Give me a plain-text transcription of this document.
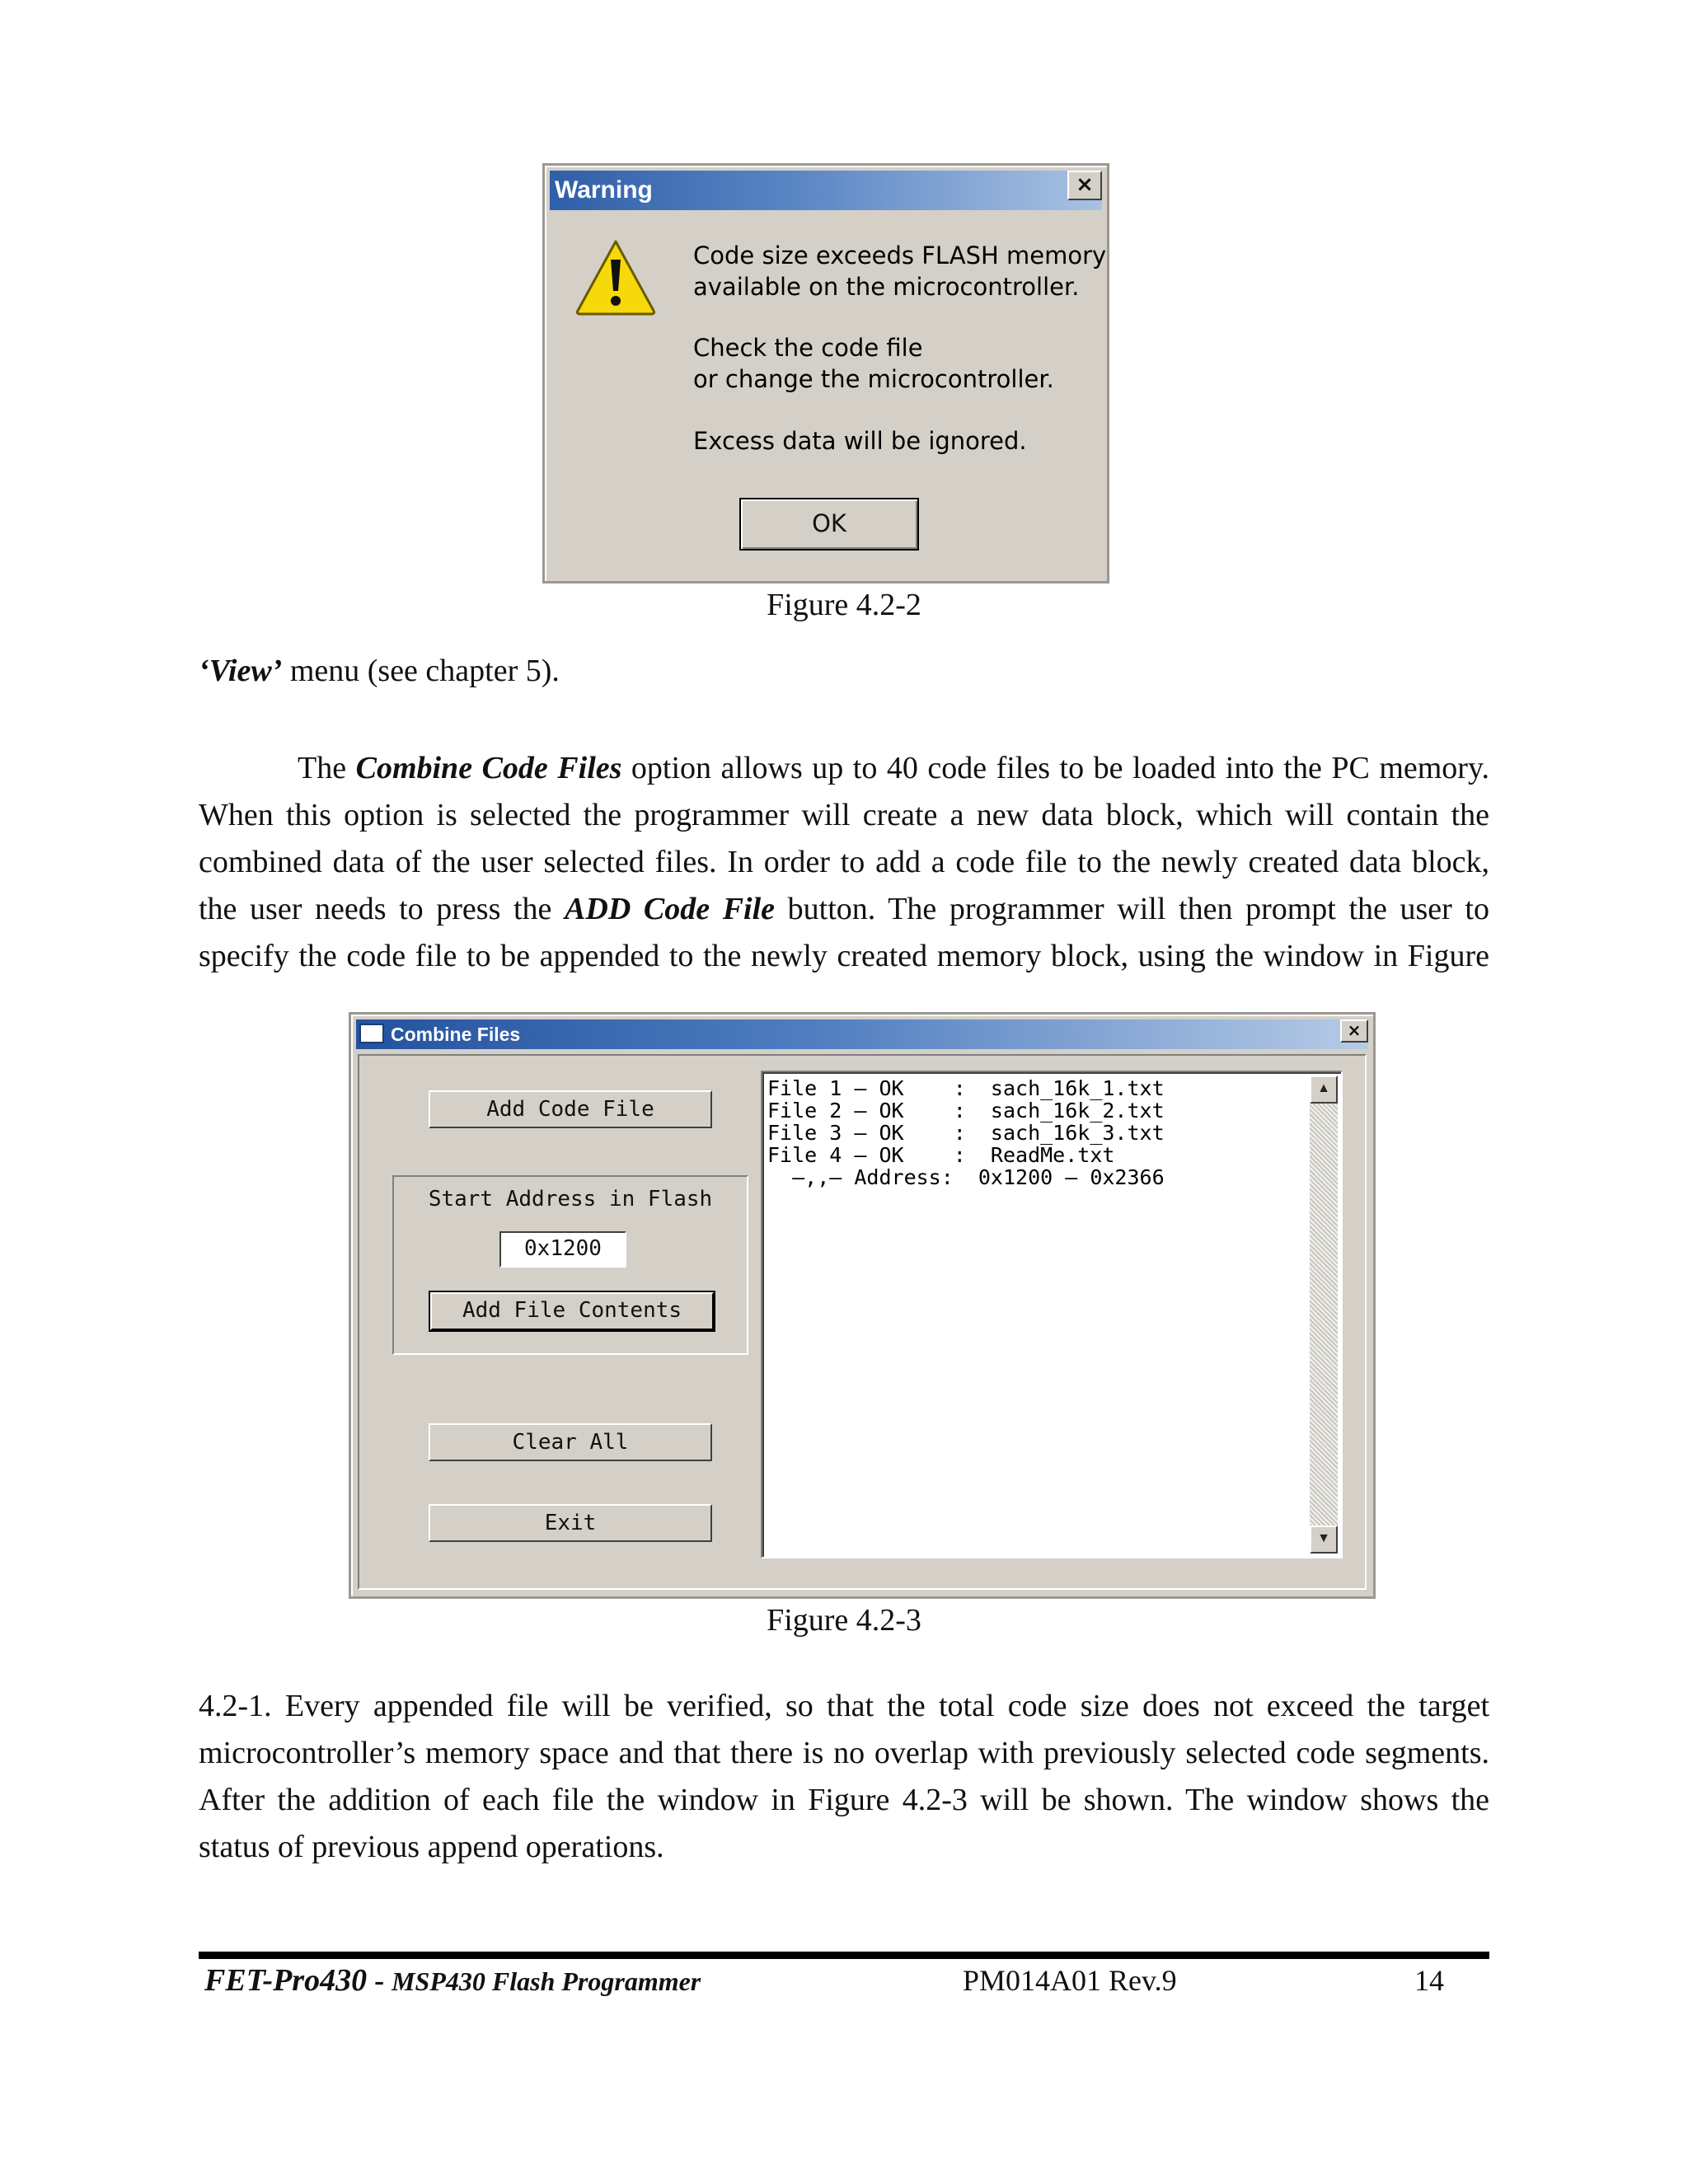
Warning	×
Code size exceeds FLASH memory
available on the microcontroller.
Check the code file
or change the microcontroller.
Excess data will be ignored.
OK
Figure 4.2-2
‘View’ menu (see chapter 5).
The Combine Code Files option allows up to 40 code files to be loaded into the PC memory.
When this option is selected the programmer will create a new data block, which will contain the
combined data of the user selected files. In order to add a code file to the newly created data block,
the user needs to press the ADD Code File button. The programmer will then prompt the user to
specify the code file to be appended to the newly created memory block, using the window in Figure
Combine Files	×
Add Code File
Start Address in Flash
0x1200
Add File Contents
Clear All
Exit
File 1 – OK    :  sach_16k_1.txt
File 2 – OK    :  sach_16k_2.txt
File 3 – OK    :  sach_16k_3.txt
File 4 – OK    :  ReadMe.txt
–,,– Address:  0x1200 – 0x2366
▲
▼
Figure 4.2-3
4.2-1. Every appended file will be verified, so that the total code size does not exceed the target
microcontroller’s memory space and that there is no overlap with previously selected code segments.
After the addition of each file the window in Figure 4.2-3 will be shown. The window shows the
status of previous append operations.
FET-Pro430 - MSP430 Flash Programmer	PM014A01 Rev.9	14
